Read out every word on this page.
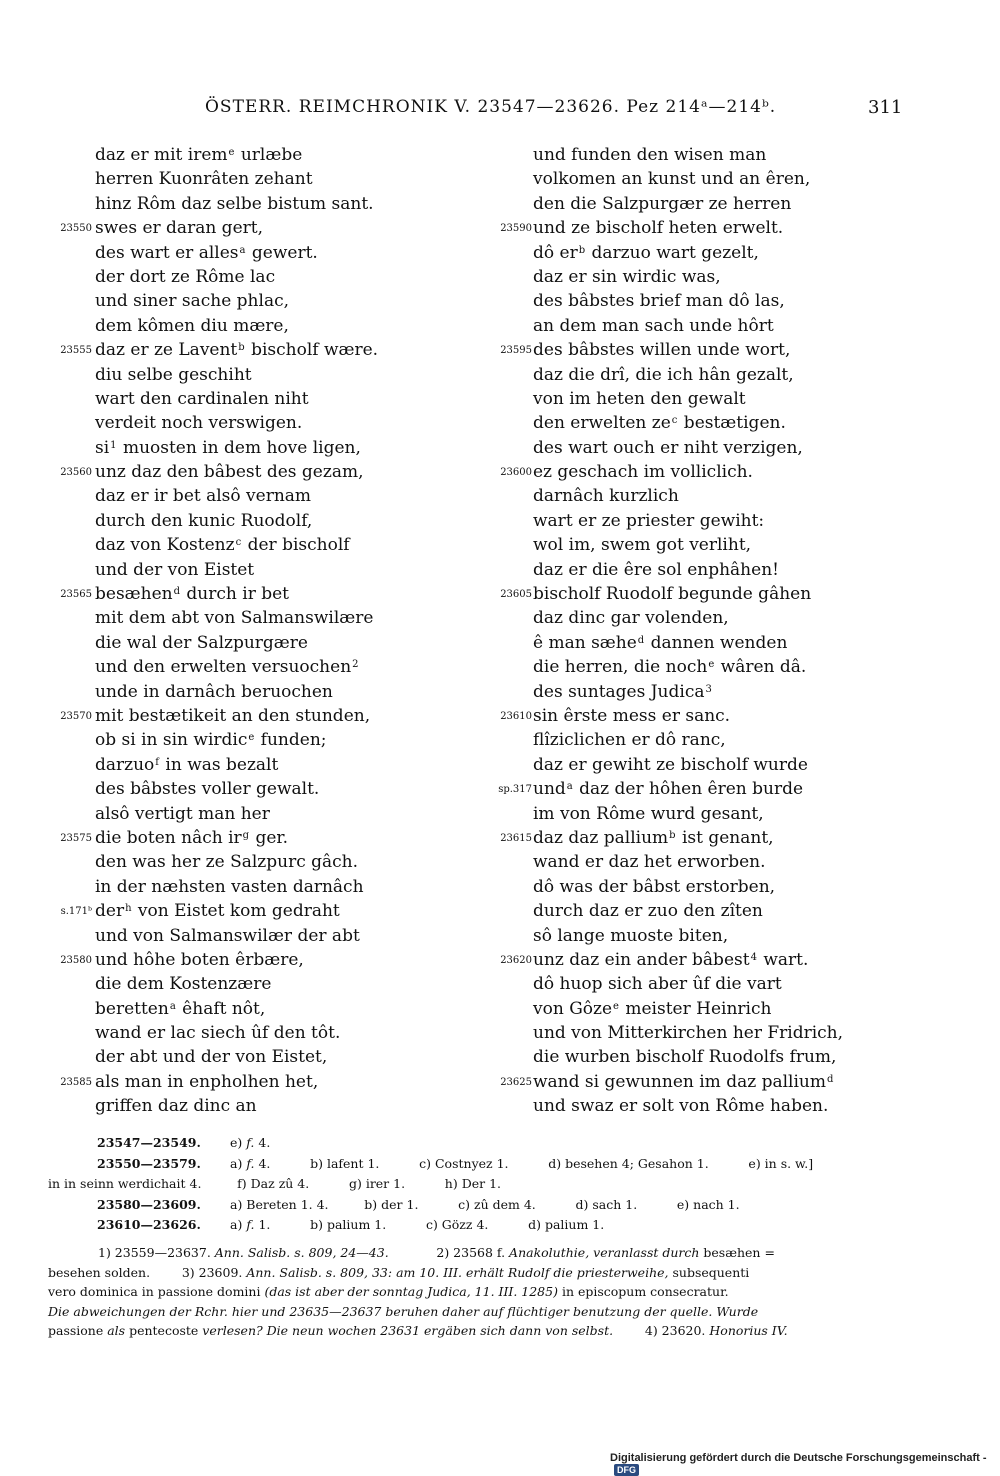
ÖSTERR. REIMCHRONIK V. 23547—23626. Pez 214ᵃ—214ᵇ.	311
daz er mit irem$^e$ urlæbe
herren Kuonrâten zehant
hinz Rôm daz selbe bistum sant.
23550 swes er daran gert,
des wart er alles$^a$ gewert.
der dort ze Rôme lac
und siner sache phlac,
dem kômen diu mære,
23555 daz er ze Lavent$^b$ bischolf wære.
diu selbe geschiht
wart den cardinalen niht
verdeit noch verswigen.
$si^1$ muosten in dem hove ligen,
23560 unz daz den bâbest des gezam,
daz er ir bet alsô vernam
durch den kunic Ruodolf,
daz von Kostenz$^c$ der bischolf
und der von Eistet
23565 besæhen$^d$ durch ir bet
mit dem abt von Salmanswilære
die wal der Salzpurgære
und den erwelten versuochen$^2$
unde in darnâch beruochen
23570 mit bestætikeit an den stunden,
ob si in sin wirdic$^e$ funden;
darzuo$^f$ in was bezalt
des bâbstes voller gewalt.
alsô vertigt man her
23575 die boten nâch $ir^g$ ger.
den was her ze Salzpurc gâch.
in der næhsten vasten darnâch
s.171ᵇ der$^h$ von Eistet kom gedraht
und von Salmanswilær der abt
23580 und hôhe boten êrbære,
die dem Kostenzære
beretten$^a$ êhaft nôt,
wand er lac siech ûf den tôt.
der abt und der von Eistet,
23585 als man in enpholhen het,
griffen daz dinc an
und funden den wisen man
volkomen an kunst und an êren,
den die Salzpurgær ze herren
23590 und ze bischolf heten erwelt.
dô $er^b$ darzuo wart gezelt,
daz er sin wirdic was,
des bâbstes brief man dô las,
an dem man sach unde hôrt
23595 des bâbstes willen unde wort,
daz die drî, die ich hân gezalt,
von im heten den gewalt
den erwelten $ze^c$ bestætigen.
des wart ouch er niht verzigen,
23600 ez geschach im volliclich.
darnâch kurzlich
wart er ze priester gewiht:
wol im, swem got verliht,
daz er die êre sol enphâhen!
23605 bischolf Ruodolf begunde gâhen
daz dinc gar volenden,
ê man sæhe$^d$ dannen wenden
die herren, die noch$^e$ wâren dâ.
des suntages Judica$^3$
23610 sin êrste mess er sanc.
flîziclichen er dô ranc,
daz er gewiht ze bischolf wurde
sp.317 und$^a$ daz der hôhen êren burde
im von Rôme wurd gesant,
23615 daz daz pallium$^b$ ist genant,
wand er daz het erworben.
dô was der bâbst erstorben,
durch daz er zuo den zîten
sô lange muoste biten,
23620 unz daz ein ander bâbest$^4$ wart.
dô huop sich aber ûf die vart
von Gôze$^e$ meister Heinrich
und von Mitterkirchen her Fridrich,
die wurben bischolf Ruodolfs frum,
23625 wand si gewunnen im daz pallium$^d$
und swaz er solt von Rôme haben.
23547—23549. e) f. 4.
23550—23579. a) f. 4.          b) lafent 1.          c) Costnyez 1.          d) besehen 4; Gesahon 1.          e) in s. w.]
in in seinn werdichait 4.         f) Daz zû 4.          g) irer 1.          h) Der 1.
23580—23609. a) Bereten 1. 4.         b) der 1.          c) zû dem 4.          d) sach 1.          e) nach 1.
23610—23626. a) f. 1.          b) palium 1.          c) Gözz 4.          d) palium 1.
1) 23559—23637. Ann. Salisb. s. 809, 24—43.            2) 23568 f. Anakoluthie, veranlasst durch besæhen =
besehen solden.        3) 23609. Ann. Salisb. s. 809, 33: am 10. III. erhält Rudolf die priesterweihe, subsequenti
vero dominica in passione domini (das ist aber der sonntag Judica, 11. III. 1285) in episcopum consecratur.
Die abweichungen der Rchr. hier und 23635—23637 beruhen daher auf flüchtiger benutzung der quelle. Wurde
passione als pentecoste verlesen? Die neun wochen 23631 ergäben sich dann von selbst.        4) 23620. Honorius IV.
Digitalisierung gefördert durch die Deutsche Forschungsgemeinschaft -DFG
